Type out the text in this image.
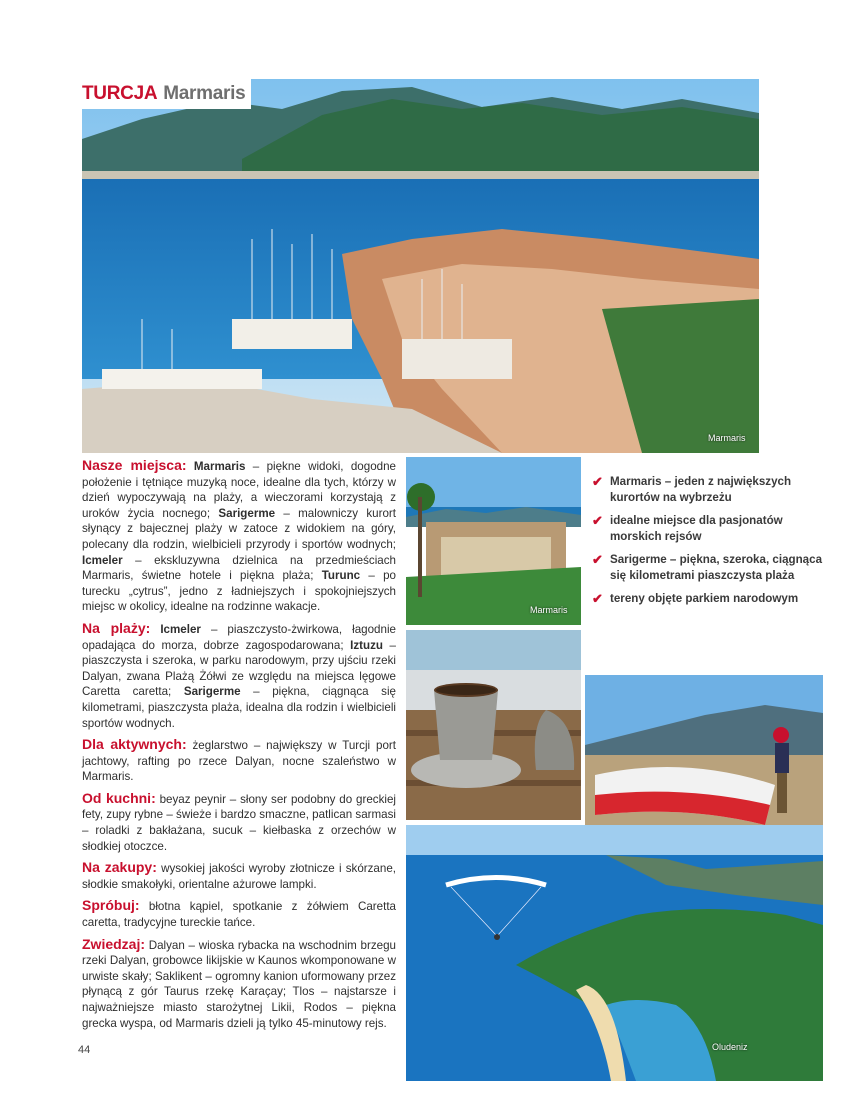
TURCJA Marmaris
Marmaris
Marmaris
Oludeniz

Nasze miejsca: Marmaris – piękne widoki, dogodne położenie i tętniące muzyką noce, idealne dla tych, którzy w dzień wypoczywają na plaży, a wieczorami korzystają z uroków życia nocnego; Sarigerme – malowniczy kurort słynący z bajecznej plaży w zatoce z widokiem na góry, polecany dla rodzin, wielbicieli przyrody i sportów wodnych; Icmeler – ekskluzywna dzielnica na przedmieściach Marmaris, świetne hotele i piękna plaża; Turunc – po turecku „cytrus”, jedno z ładniejszych i spokojniejszych miejsc w okolicy, idealne na rodzinne wakacje.

Na plaży: Icmeler – piaszczysto-żwirkowa, łagodnie opadająca do morza, dobrze zagospodarowana; Iztuzu – piaszczysta i szeroka, w parku narodowym, przy ujściu rzeki Dalyan, zwana Plażą Żółwi ze względu na miejsca lęgowe Caretta caretta; Sarigerme – piękna, ciągnąca się kilometrami, piaszczysta plaża, idealna dla rodzin i wielbicieli sportów wodnych.

Dla aktywnych: żeglarstwo – największy w Turcji port jachtowy, rafting po rzece Dalyan, nocne szaleństwo w Marmaris.

Od kuchni: beyaz peynir – słony ser podobny do greckiej fety, zupy rybne – świeże i bardzo smaczne, patlican sarmasi – roladki z bakłażana, sucuk – kiełbaska z orzechów w słodkiej otoczce.

Na zakupy: wysokiej jakości wyroby złotnicze i skórzane, słodkie smakołyki, orientalne ażurowe lampki.

Spróbuj: błotna kąpiel, spotkanie z żółwiem Caretta caretta, tradycyjne tureckie tańce.

Zwiedzaj: Dalyan – wioska rybacka na wschodnim brzegu rzeki Dalyan, grobowce likijskie w Kaunos wkomponowane w urwiste skały; Saklikent – ogromny kanion uformowany przez płynącą z gór Taurus rzekę Karaçay; Tlos – najstarsze i najważniejsze miasto starożytnej Likii, Rodos – piękna grecka wyspa, od Marmaris dzieli ją tylko 45-minutowy rejs.

✔ Marmaris – jeden z największych kurortów na wybrzeżu
✔ idealne miejsce dla pasjonatów morskich rejsów
✔ Sarigerme – piękna, szeroka, ciągnąca się kilometrami piaszczysta plaża
✔ tereny objęte parkiem narodowym
44
